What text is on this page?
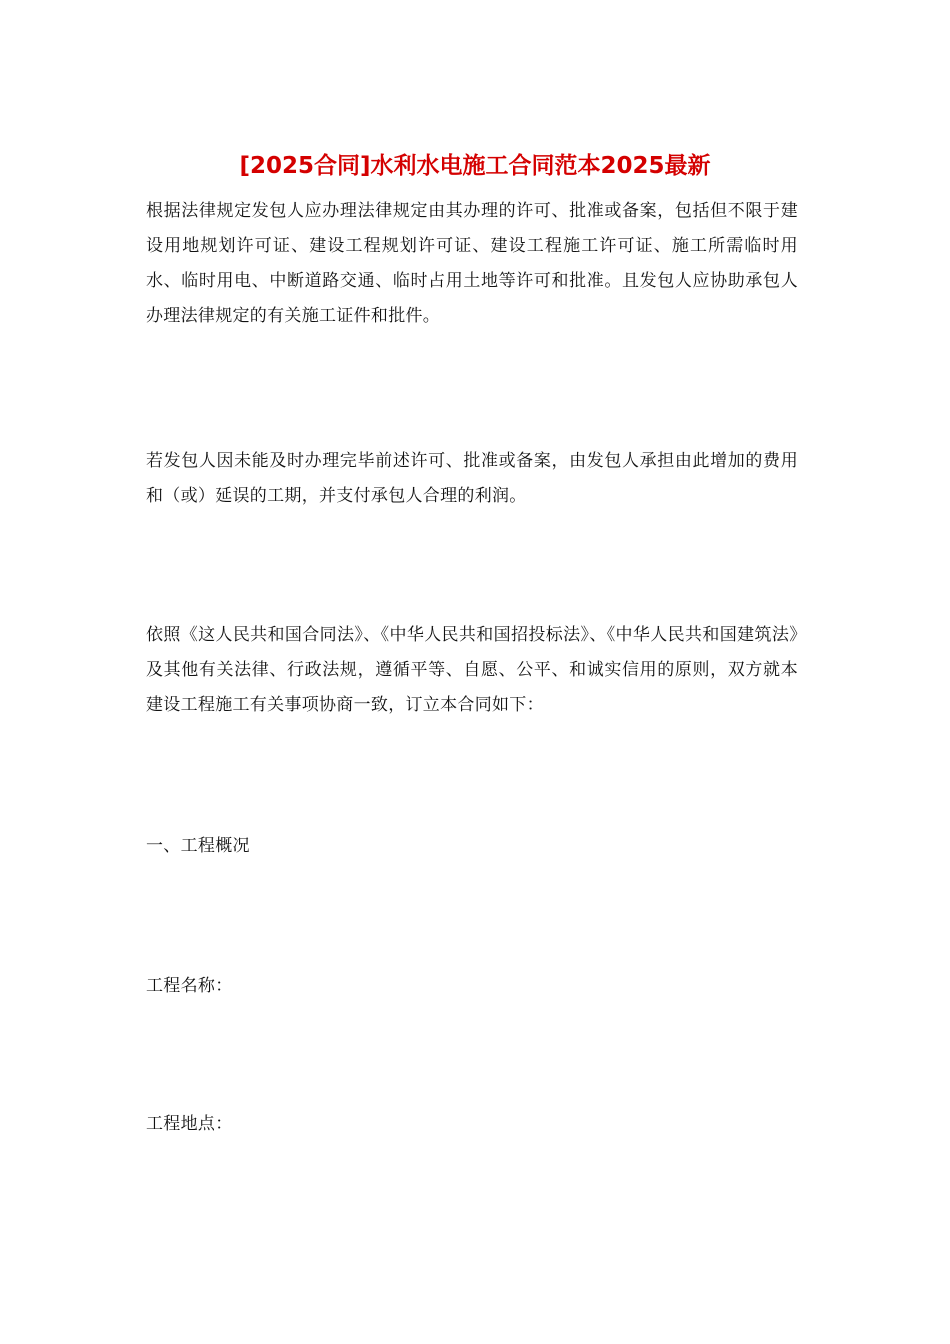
[2025合同]水利水电施工合同范本2025最新

根据法律规定发包人应办理法律规定由其办理的许可、批准或备案，包括但不限于建设用地规划许可证、建设工程规划许可证、建设工程施工许可证、施工所需临时用水、临时用电、中断道路交通、临时占用土地等许可和批准。且发包人应协助承包人办理法律规定的有关施工证件和批件。

若发包人因未能及时办理完毕前述许可、批准或备案，由发包人承担由此增加的费用和（或）延误的工期，并支付承包人合理的利润。

依照《这人民共和国合同法》、《中华人民共和国招投标法》、《中华人民共和国建筑法》及其他有关法律、行政法规，遵循平等、自愿、公平、和诚实信用的原则，双方就本建设工程施工有关事项协商一致，订立本合同如下：

一、工程概况

工程名称：

工程地点：
